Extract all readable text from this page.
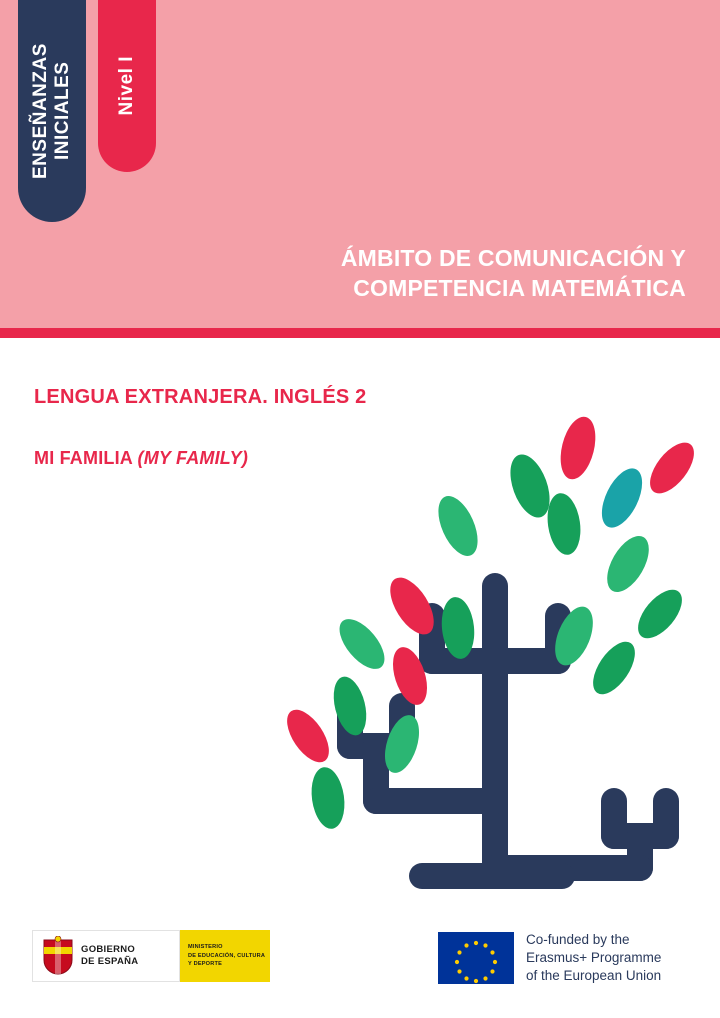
ENSEÑANZAS INICIALES Nivel I
ÁMBITO DE COMUNICACIÓN Y
COMPETENCIA MATEMÁTICA
LENGUA EXTRANJERA. INGLÉS 2
MI FAMILIA (MY FAMILY)
GOBIERNO
DE ESPAÑA
MINISTERIO
DE EDUCACIÓN, CULTURA
Y DEPORTE
Co-funded by the
Erasmus+ Programme
of the European Union
